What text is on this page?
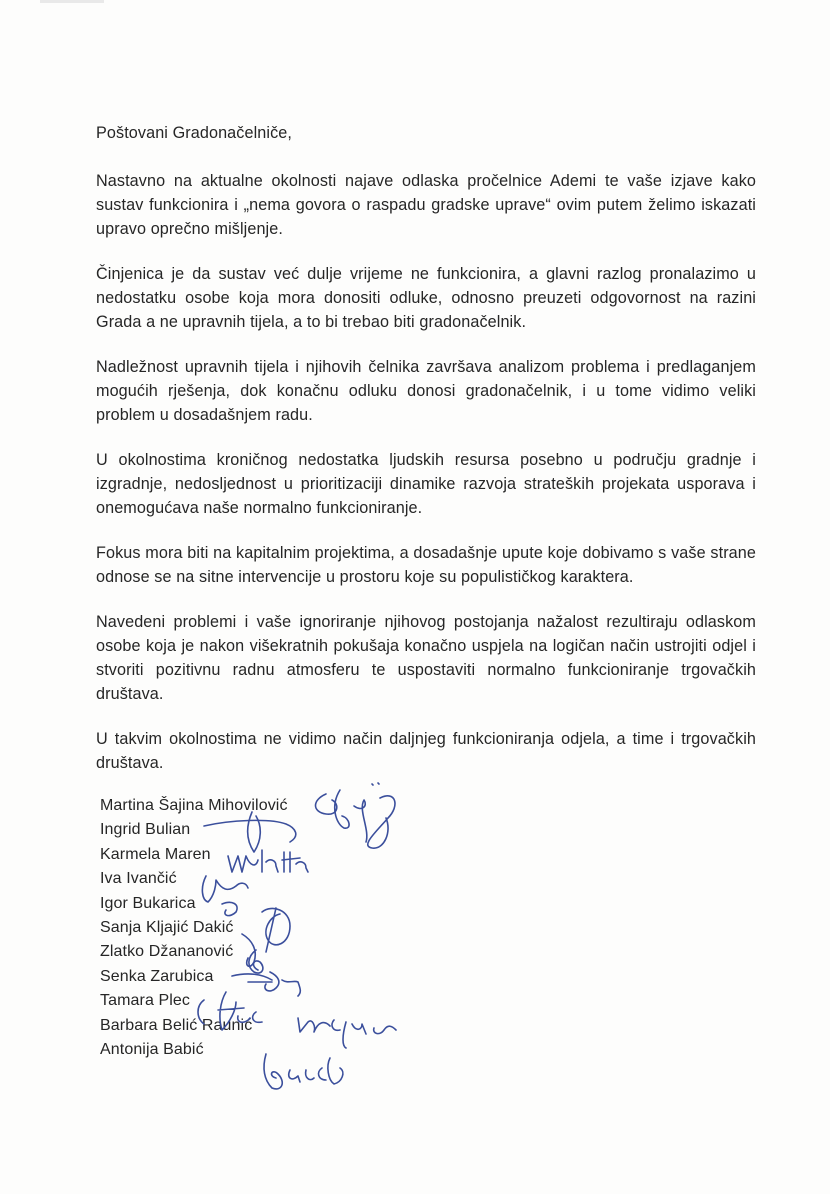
Poštovani Gradonačelniče,

Nastavno na aktualne okolnosti najave odlaska pročelnice Ademi te vaše izjave kako sustav funkcionira i „nema govora o raspadu gradske uprave“ ovim putem želimo iskazati upravo oprečno mišljenje.

Činjenica je da sustav već dulje vrijeme ne funkcionira, a glavni razlog pronalazimo u nedostatku osobe koja mora donositi odluke, odnosno preuzeti odgovornost na razini Grada a ne upravnih tijela, a to bi trebao biti gradonačelnik.

Nadležnost upravnih tijela i njihovih čelnika završava analizom problema i predlaganjem mogućih rješenja, dok konačnu odluku donosi gradonačelnik, i u tome vidimo veliki problem u dosadašnjem radu.

U okolnostima kroničnog nedostatka ljudskih resursa posebno u području gradnje i izgradnje, nedosljednost u prioritizaciji dinamike razvoja strateških projekata usporava i onemogućava naše normalno funkcioniranje.

Fokus mora biti na kapitalnim projektima, a dosadašnje upute koje dobivamo s vaše strane odnose se na sitne intervencije u prostoru koje su populističkog karaktera.

Navedeni problemi i vaše ignoriranje njihovog postojanja nažalost rezultiraju odlaskom osobe koja je nakon višekratnih pokušaja konačno uspjela na logičan način ustrojiti odjel i stvoriti pozitivnu radnu atmosferu te uspostaviti normalno funkcioniranje trgovačkih društava.

U takvim okolnostima ne vidimo način daljnjeg funkcioniranja odjela, a time i trgovačkih društava.

Martina Šajina Mihovilović
Ingrid Bulian
Karmela Maren
Iva Ivančić
Igor Bukarica
Sanja Kljajić Dakić
Zlatko Džananović
Senka Zarubica
Tamara Plec
Barbara Belić Raunić
Antonija Babić
